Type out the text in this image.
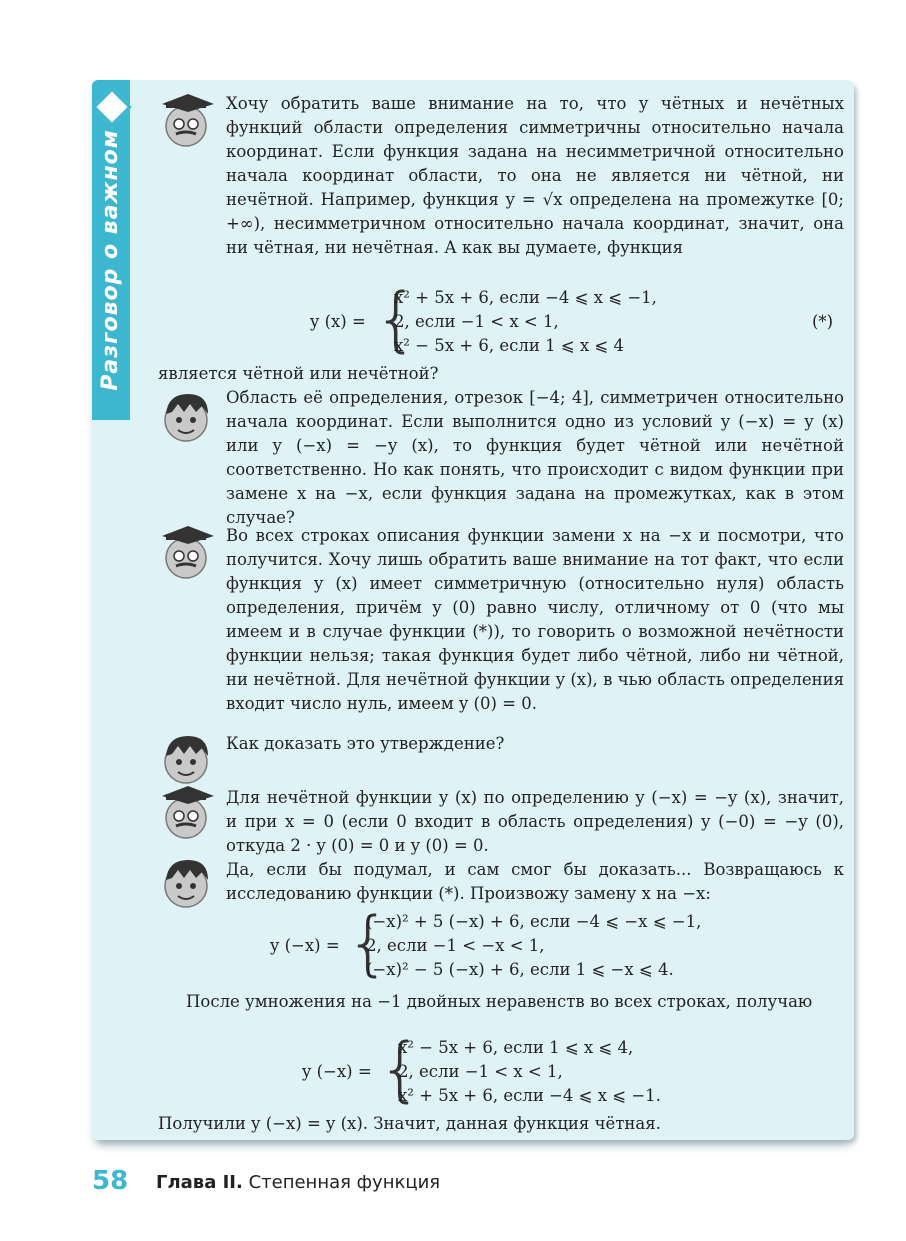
Разговор о важном
Хочу обратить ваше внимание на то, что у чётных и нечётных функций области определения симметричны относительно начала координат. Если функция задана на несимметричной относительно начала координат области, то она не является ни чётной, ни нечётной. Например, функция y = √x определена на промежутке [0; +∞), несимметричном относительно начала координат, значит, она ни чётная, ни нечётная. А как вы думаете, функция
y (x) = {
x² + 5x + 6, если −4 ⩽ x ⩽ −1,
2, если −1 < x < 1,
x² − 5x + 6, если 1 ⩽ x ⩽ 4
(*)
является чётной или нечётной?
Область её определения, отрезок [−4; 4], симметричен относительно начала координат. Если выполнится одно из условий y (−x) = y (x) или y (−x) = −y (x), то функция будет чётной или нечётной соответственно. Но как понять, что происходит с видом функции при замене x на −x, если функция задана на промежутках, как в этом случае?
Во всех строках описания функции замени x на −x и посмотри, что получится. Хочу лишь обратить ваше внимание на тот факт, что если функция y (x) имеет симметричную (относительно нуля) область определения, причём y (0) равно числу, отличному от 0 (что мы имеем и в случае функции (*)), то говорить о возможной нечётности функции нельзя; такая функция будет либо чётной, либо ни чётной, ни нечётной. Для нечётной функции y (x), в чью область определения входит число нуль, имеем y (0) = 0.
Как доказать это утверждение?
Для нечётной функции y (x) по определению y (−x) = −y (x), значит, и при x = 0 (если 0 входит в область определения) y (−0) = −y (0), откуда 2 · y (0) = 0 и y (0) = 0.
Да, если бы подумал, и сам смог бы доказать... Возвращаюсь к исследованию функции (*). Произвожу замену x на −x:
y (−x) = {
(−x)² + 5 (−x) + 6, если −4 ⩽ −x ⩽ −1,
2, если −1 < −x < 1,
(−x)² − 5 (−x) + 6, если 1 ⩽ −x ⩽ 4.
После умножения на −1 двойных неравенств во всех строках, получаю
y (−x) = {
x² − 5x + 6, если 1 ⩽ x ⩽ 4,
2, если −1 < x < 1,
x² + 5x + 6, если −4 ⩽ x ⩽ −1.
Получили y (−x) = y (x). Значит, данная функция чётная.
58 Глава II. Степенная функция
